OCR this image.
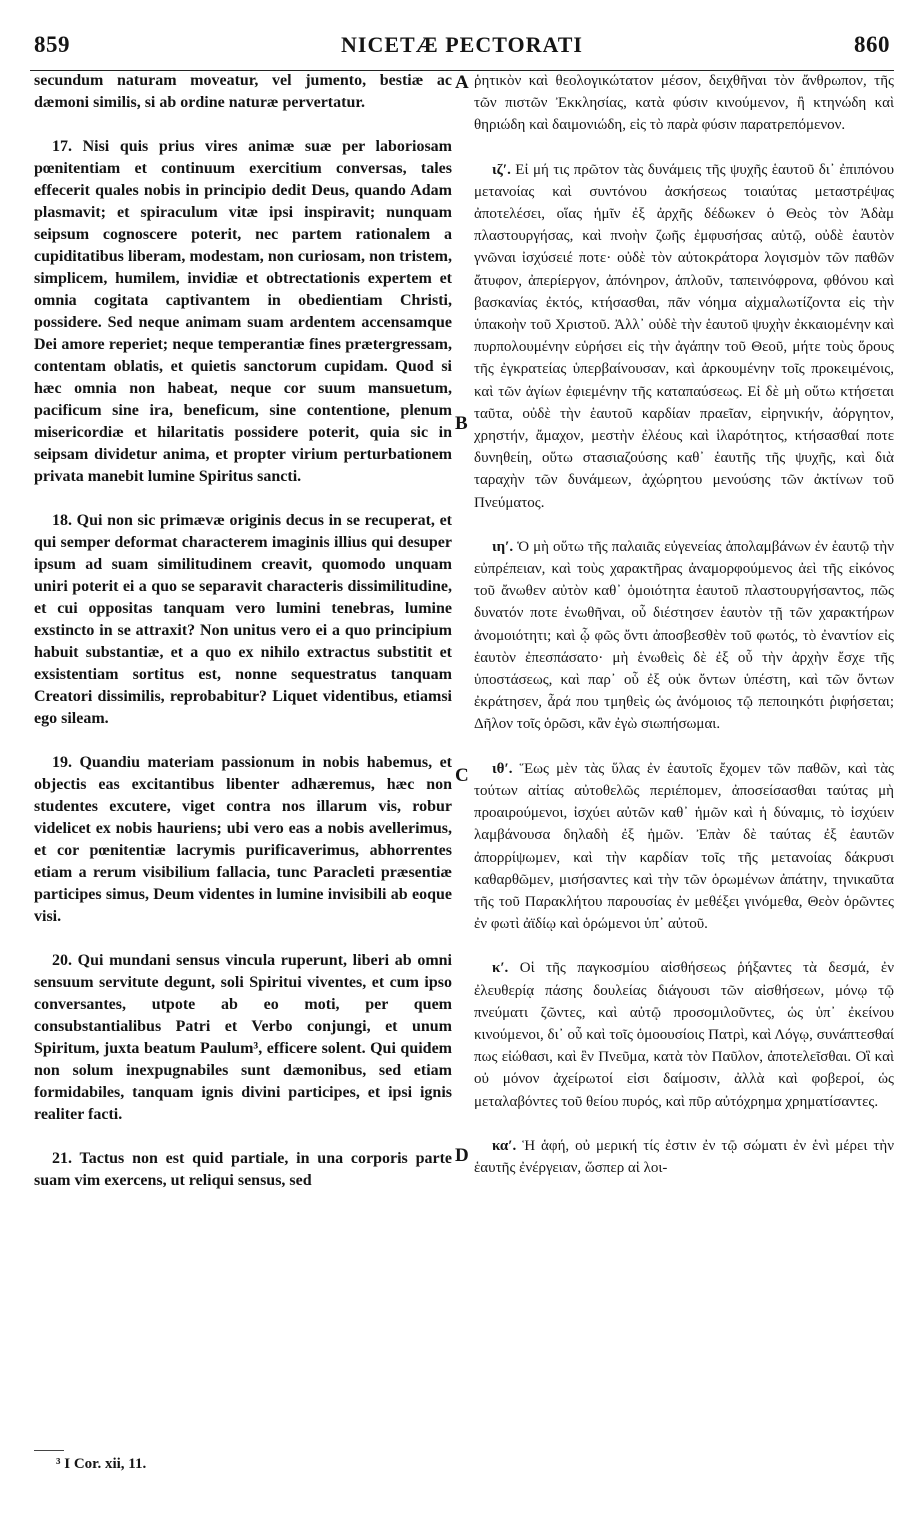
859	NICETÆ PECTORATI	860

secundum naturam moveatur, vel jumento, bestiæ ac dæmoni similis, si ab ordine naturæ pervertatur.

17. Nisi quis prius vires animæ suæ per laboriosam pœnitentiam et continuum exercitium conversas, tales effecerit quales nobis in principio dedit Deus, quando Adam plasmavit; et spiraculum vitæ ipsi inspiravit; nunquam seipsum cognoscere poterit, nec partem rationalem a cupiditatibus liberam, modestam, non curiosam, non tristem, simplicem, humilem, invidiæ et obtrectationis expertem et omnia cogitata captivantem in obedientiam Christi, possidere. Sed neque animam suam ardentem accensamque Dei amore reperiet; neque temperantiæ fines prætergressam, contentam oblatis, et quietis sanctorum cupidam. Quod si hæc omnia non habeat, neque cor suum mansuetum, pacificum sine ira, beneficum, sine contentione, plenum misericordiæ et hilaritatis possidere poterit, quia sic in seipsam dividetur anima, et propter virium perturbationem privata manebit lumine Spiritus sancti.

18. Qui non sic primævæ originis decus in se recuperat, et qui semper deformat characterem imaginis illius qui desuper ipsum ad suam similitudinem creavit, quomodo unquam uniri poterit ei a quo se separavit characteris dissimilitudine, et cui oppositas tanquam vero lumini tenebras, lumine exstincto in se attraxit? Non unitus vero ei a quo principium habuit substantiæ, et a quo ex nihilo extractus substitit et exsistentiam sortitus est, nonne sequestratus tanquam Creatori dissimilis, reprobabitur? Liquet videntibus, etiamsi ego sileam.

19. Quandiu materiam passionum in nobis habemus, et objectis eas excitantibus libenter adhæremus, hæc non studentes excutere, viget contra nos illarum vis, robur videlicet ex nobis hauriens; ubi vero eas a nobis avellerimus, et cor pœnitentiæ lacrymis purificaverimus, abhorrentes etiam a rerum visibilium fallacia, tunc Paracleti præsentiæ participes simus, Deum videntes in lumine invisibili ab eoque visi.

20. Qui mundani sensus vincula ruperunt, liberi ab omni sensuum servitute degunt, soli Spiritui viventes, et cum ipso conversantes, utpote ab eo moti, per quem consubstantialibus Patri et Verbo conjungi, et unum Spiritum, juxta beatum Paulum³, efficere solent. Qui quidem non solum inexpugnabiles sunt dæmonibus, sed etiam formidabiles, tanquam ignis divini participes, et ipsi ignis realiter facti.

21. Tactus non est quid partiale, in una corporis parte suam vim exercens, ut reliqui sensus, sed

ῥητικὸν καὶ θεολογικώτατον μέσον, δειχθῆναι τὸν ἄνθρωπον, τῆς τῶν πιστῶν Ἐκκλησίας, κατὰ φύσιν κινούμενον, ἢ κτηνώδη καὶ θηριώδη καὶ δαιμονιώδη, εἰς τὸ παρὰ φύσιν παρατρεπόμενον.

ιζʹ. Εἰ μή τις πρῶτον τὰς δυνάμεις τῆς ψυχῆς ἑαυτοῦ δι᾿ ἐπιπόνου μετανοίας καὶ συντόνου ἀσκήσεως τοιαύτας μεταστρέψας ἀποτελέσει, οἵας ἡμῖν ἐξ ἀρχῆς δέδωκεν ὁ Θεὸς τὸν Ἀδὰμ πλαστουργήσας, καὶ πνοὴν ζωῆς ἐμφυσήσας αὐτῷ, οὐδὲ ἑαυτὸν γνῶναι ἰσχύσειέ ποτε· οὐδὲ τὸν αὐτοκράτορα λογισμὸν τῶν παθῶν ἄτυφον, ἀπερίεργον, ἀπόνηρον, ἁπλοῦν, ταπεινόφρονα, φθόνου καὶ βασκανίας ἐκτός, κτήσασθαι, πᾶν νόημα αἰχμαλωτίζοντα εἰς τὴν ὑπακοὴν τοῦ Χριστοῦ. Ἀλλ᾿ οὐδὲ τὴν ἑαυτοῦ ψυχὴν ἐκκαιομένην καὶ πυρπολουμένην εὑρήσει εἰς τὴν ἀγάπην τοῦ Θεοῦ, μήτε τοὺς ὅρους τῆς ἐγκρατείας ὑπερβαίνουσαν, καὶ ἀρκουμένην τοῖς προκειμένοις, καὶ τῶν ἁγίων ἐφιεμένην τῆς καταπαύσεως. Εἰ δὲ μὴ οὕτω κτήσεται ταῦτα, οὐδὲ τὴν ἑαυτοῦ καρδίαν πραεῖαν, εἰρηνικήν, ἀόργητον, χρηστήν, ἄμαχον, μεστὴν ἐλέους καὶ ἱλαρότητος, κτήσασθαί ποτε δυνηθείη, οὕτω στασιαζούσης καθ᾿ ἑαυτῆς τῆς ψυχῆς, καὶ διὰ ταραχὴν τῶν δυνάμεων, ἀχώρητου μενούσης τῶν ἀκτίνων τοῦ Πνεύματος.

ιηʹ. Ὁ μὴ οὕτω τῆς παλαιᾶς εὐγενείας ἀπολαμβάνων ἐν ἑαυτῷ τὴν εὐπρέπειαν, καὶ τοὺς χαρακτῆρας ἀναμορφούμενος ἀεὶ τῆς εἰκόνος τοῦ ἄνωθεν αὐτὸν καθ᾿ ὁμοιότητα ἑαυτοῦ πλαστουργήσαντος, πῶς δυνατόν ποτε ἑνωθῆναι, οὗ διέστησεν ἑαυτὸν τῇ τῶν χαρακτήρων ἀνομοιότητι; καὶ ᾧ φῶς ὄντι ἀποσβεσθὲν τοῦ φωτός, τὸ ἐναντίον εἰς ἑαυτὸν ἐπεσπάσατο· μὴ ἑνωθεὶς δὲ ἐξ οὗ τὴν ἀρχὴν ἔσχε τῆς ὑποστάσεως, καὶ παρ᾿ οὗ ἐξ οὐκ ὄντων ὑπέστη, καὶ τῶν ὄντων ἐκράτησεν, ἆρά που τμηθεὶς ὡς ἀνόμοιος τῷ πεποιηκότι ῥιφήσεται; Δῆλον τοῖς ὁρῶσι, κἂν ἐγὼ σιωπήσωμαι.

ιθʹ. Ἕως μὲν τὰς ὕλας ἐν ἑαυτοῖς ἔχομεν τῶν παθῶν, καὶ τὰς τούτων αἰτίας αὐτοθελῶς περιέπομεν, ἀποσείσασθαι ταύτας μὴ προαιρούμενοι, ἰσχύει αὐτῶν καθ᾿ ἡμῶν καὶ ἡ δύναμις, τὸ ἰσχύειν λαμβάνουσα δηλαδὴ ἐξ ἡμῶν. Ἐπὰν δὲ ταύτας ἐξ ἑαυτῶν ἀπορρίψωμεν, καὶ τὴν καρδίαν τοῖς τῆς μετανοίας δάκρυσι καθαρθῶμεν, μισήσαντες καὶ τὴν τῶν ὁρωμένων ἀπάτην, τηνικαῦτα τῆς τοῦ Παρακλήτου παρουσίας ἐν μεθέξει γινόμεθα, Θεὸν ὁρῶντες ἐν φωτὶ ἀϊδίῳ καὶ ὁρώμενοι ὑπ᾿ αὐτοῦ.

κʹ. Οἱ τῆς παγκοσμίου αἰσθήσεως ῥήξαντες τὰ δεσμά, ἐν ἐλευθερίᾳ πάσης δουλείας διάγουσι τῶν αἰσθήσεων, μόνῳ τῷ πνεύματι ζῶντες, καὶ αὐτῷ προσομιλοῦντες, ὡς ὑπ᾿ ἐκείνου κινούμενοι, δι᾿ οὗ καὶ τοῖς ὁμοουσίοις Πατρὶ, καὶ Λόγῳ, συνάπτεσθαί πως εἰώθασι, καὶ ἓν Πνεῦμα, κατὰ τὸν Παῦλον, ἀποτελεῖσθαι. Οἳ καὶ οὐ μόνον ἀχείρωτοί εἰσι δαίμοσιν, ἀλλὰ καὶ φοβεροί, ὡς μεταλαβόντες τοῦ θείου πυρός, καὶ πῦρ αὐτόχρημα χρηματίσαντες.

καʹ. Ἡ ἁφή, οὐ μερική τίς ἐστιν ἐν τῷ σώματι ἐν ἑνὶ μέρει τὴν ἑαυτῆς ἐνέργειαν, ὥσπερ αἱ λοι-

A
B
C
D
³ I Cor. xii, 11.
